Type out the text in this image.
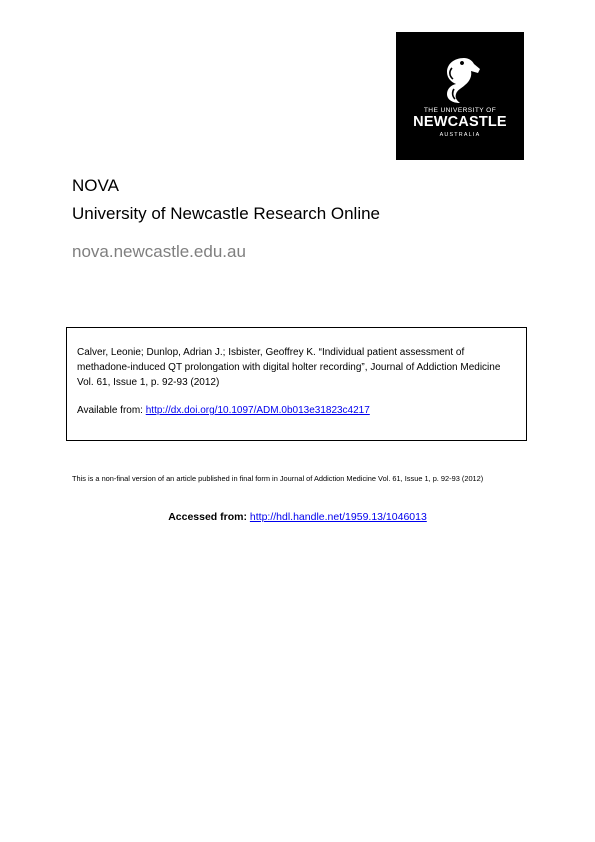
THE UNIVERSITY OF
NEWCASTLE
AUSTRALIA
NOVA
University of Newcastle Research Online
nova.newcastle.edu.au
Calver, Leonie; Dunlop, Adrian J.; Isbister, Geoffrey K. “Individual patient assessment of methadone-induced QT prolongation with digital holter recording”, Journal of Addiction Medicine Vol. 61, Issue 1, p. 92-93 (2012)
Available from: http://dx.doi.org/10.1097/ADM.0b013e31823c4217
This is a non-final version of an article published in final form in Journal of Addiction Medicine Vol. 61, Issue 1, p. 92-93 (2012)
Accessed from: http://hdl.handle.net/1959.13/1046013
